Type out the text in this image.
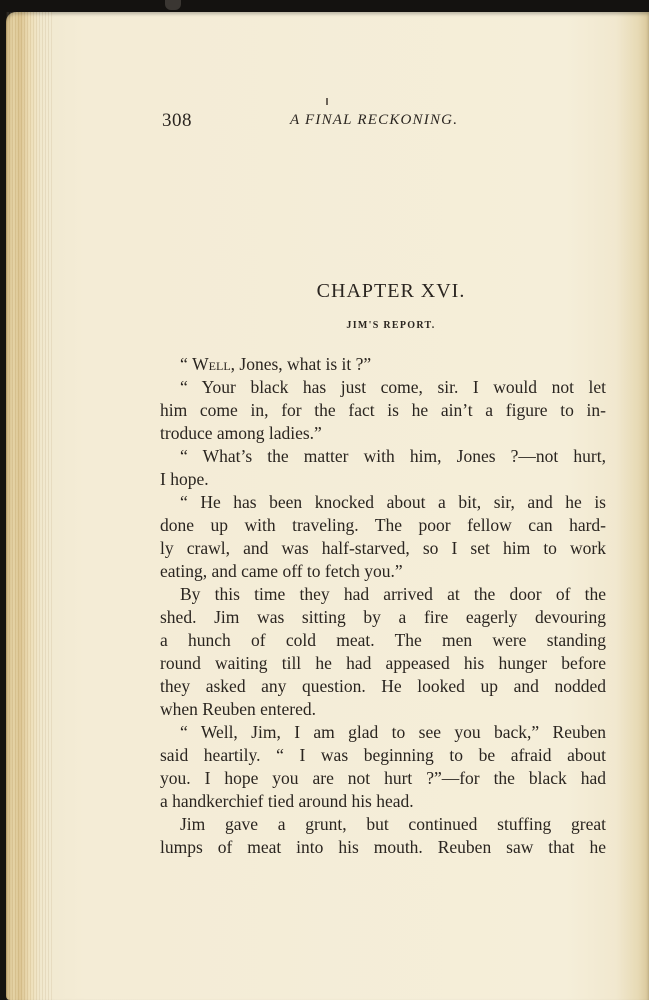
308	A FINAL RECKONING.
CHAPTER XVI.
JIM'S REPORT.
“ Well, Jones, what is it ?”
“ Your black has just come, sir. I would not let
him come in, for the fact is he ain’t a figure to in-
troduce among ladies.”
“ What’s the matter with him, Jones ?—not hurt,
I hope.
“ He has been knocked about a bit, sir, and he is
done up with traveling. The poor fellow can hard-
ly crawl, and was half-starved, so I set him to work
eating, and came off to fetch you.”
By this time they had arrived at the door of the
shed. Jim was sitting by a fire eagerly devouring
a hunch of cold meat. The men were standing
round waiting till he had appeased his hunger before
they asked any question. He looked up and nodded
when Reuben entered.
“ Well, Jim, I am glad to see you back,” Reuben
said heartily. “ I was beginning to be afraid about
you. I hope you are not hurt ?”—for the black had
a handkerchief tied around his head.
Jim gave a grunt, but continued stuffing great
lumps of meat into his mouth. Reuben saw that he
